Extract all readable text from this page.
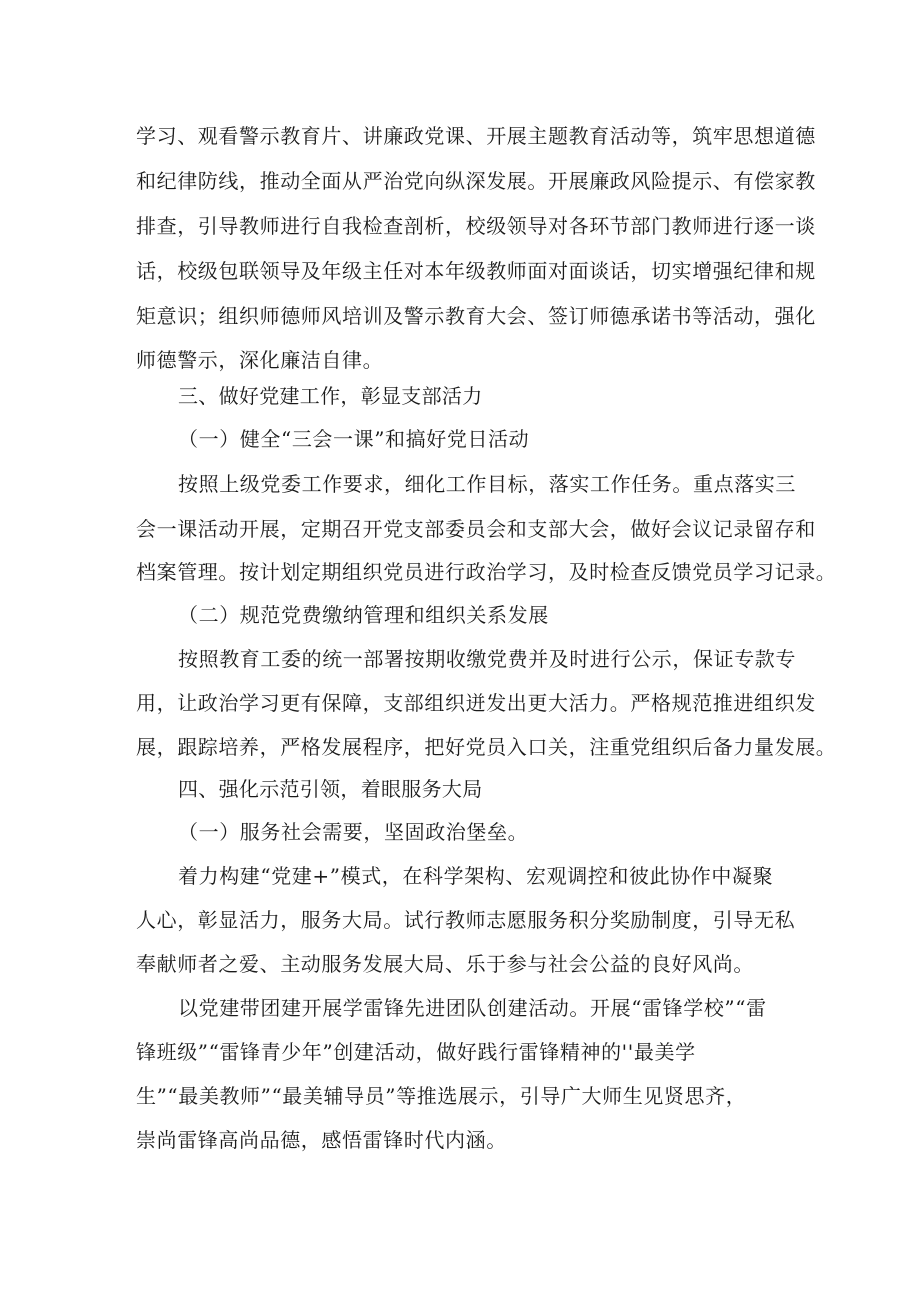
学习、观看警示教育片、讲廉政党课、开展主题教育活动等，筑牢思想道德
和纪律防线，推动全面从严治党向纵深发展。开展廉政风险提示、有偿家教
排查，引导教师进行自我检查剖析，校级领导对各环节部门教师进行逐一谈
话，校级包联领导及年级主任对本年级教师面对面谈话，切实增强纪律和规
矩意识；组织师德师风培训及警示教育大会、签订师德承诺书等活动，强化
师德警示，深化廉洁自律。
三、做好党建工作，彰显支部活力
（一）健全“三会一课”和搞好党日活动
按照上级党委工作要求，细化工作目标，落实工作任务。重点落实三
会一课活动开展，定期召开党支部委员会和支部大会，做好会议记录留存和
档案管理。按计划定期组织党员进行政治学习，及时检查反馈党员学习记录。
（二）规范党费缴纳管理和组织关系发展
按照教育工委的统一部署按期收缴党费并及时进行公示，保证专款专
用，让政治学习更有保障，支部组织迸发出更大活力。严格规范推进组织发
展，跟踪培养，严格发展程序，把好党员入口关，注重党组织后备力量发展。
四、强化示范引领，着眼服务大局
（一）服务社会需要，坚固政治堡垒。
着力构建“党建+”模式，在科学架构、宏观调控和彼此协作中凝聚
人心，彰显活力，服务大局。试行教师志愿服务积分奖励制度，引导无私
奉献师者之爱、主动服务发展大局、乐于参与社会公益的良好风尚。
以党建带团建开展学雷锋先进团队创建活动。开展“雷锋学校”“雷
锋班级”“雷锋青少年”创建活动，做好践行雷锋精神的''最美学
生”“最美教师”“最美辅导员”等推选展示，引导广大师生见贤思齐，
崇尚雷锋高尚品德，感悟雷锋时代内涵。
